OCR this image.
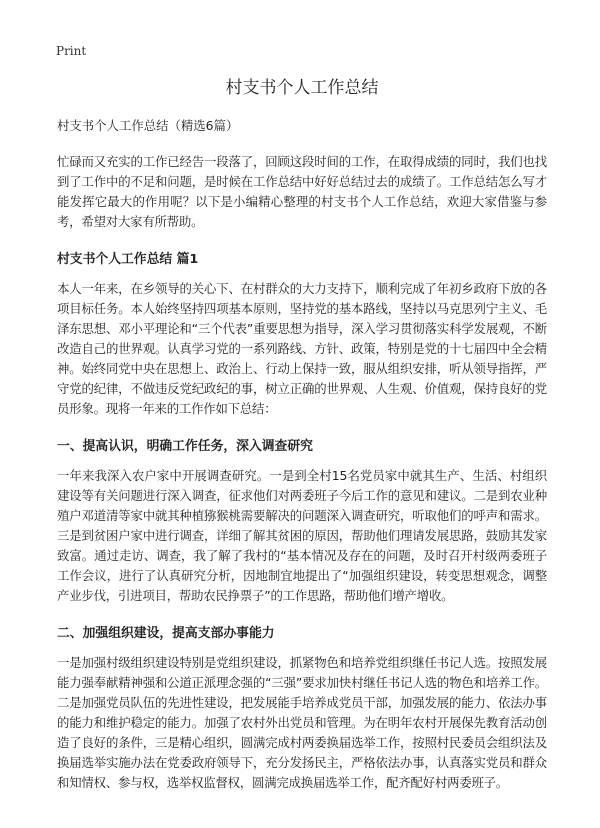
Print
村支书个人工作总结
村支书个人工作总结（精选6篇）

忙碌而又充实的工作已经告一段落了，回顾这段时间的工作，在取得成绩的同时，我们也找到了工作中的不足和问题，是时候在工作总结中好好总结过去的成绩了。工作总结怎么写才能发挥它最大的作用呢？以下是小编精心整理的村支书个人工作总结，欢迎大家借鉴与参考，希望对大家有所帮助。

村支书个人工作总结 篇1

本人一年来，在乡领导的关心下、在村群众的大力支持下，顺利完成了年初乡政府下放的各项目标任务。本人始终坚持四项基本原则，坚持党的基本路线，坚持以马克思列宁主义、毛泽东思想、邓小平理论和“三个代表”重要思想为指导，深入学习贯彻落实科学发展观，不断改造自己的世界观。认真学习党的一系列路线、方针、政策，特别是党的十七届四中全会精神。始终同党中央在思想上、政治上、行动上保持一致，服从组织安排，听从领导指挥，严守党的纪律，不做违反党纪政纪的事，树立正确的世界观、人生观、价值观，保持良好的党员形象。现将一年来的工作作如下总结：

一、提高认识，明确工作任务，深入调查研究

一年来我深入农户家中开展调查研究。一是到全村15名党员家中就其生产、生活、村组织建设等有关问题进行深入调查，征求他们对两委班子今后工作的意见和建议。二是到农业种殖户邓道清等家中就其种植猕猴桃需要解决的问题深入调查研究，听取他们的呼声和需求。三是到贫困户家中进行调查，详细了解其贫困的原因，帮助他们理请发展思路，鼓励其发家致富。通过走访、调查，我了解了我村的“基本情况及存在的问题，及时召开村级两委班子工作会议，进行了认真研究分析，因地制宜地提出了“加强组织建设，转变思想观念，调整产业步伐，引进项目，帮助农民挣票子”的工作思路，帮助他们增产增收。

二、加强组织建设，提高支部办事能力

一是加强村级组织建设特别是党组织建设，抓紧物色和培养党组织继任书记人选。按照发展能力强奉献精神强和公道正派理念强的“三强”要求加快村继任书记人选的物色和培养工作。二是加强党员队伍的先进性建设，把发展能手培养成党员干部，加强发展的能力、依法办事的能力和维护稳定的能力。加强了农村外出党员和管理。为在明年农村开展保先教育活动创造了良好的条件，三是精心组织，圆满完成村两委换届选举工作，按照村民委员会组织法及换届选举实施办法在党委政府领导下，充分发扬民主，严格依法办事，认真落实党员和群众和知情权、参与权，选举权监督权，圆满完成换届选举工作，配齐配好村两委班子。
